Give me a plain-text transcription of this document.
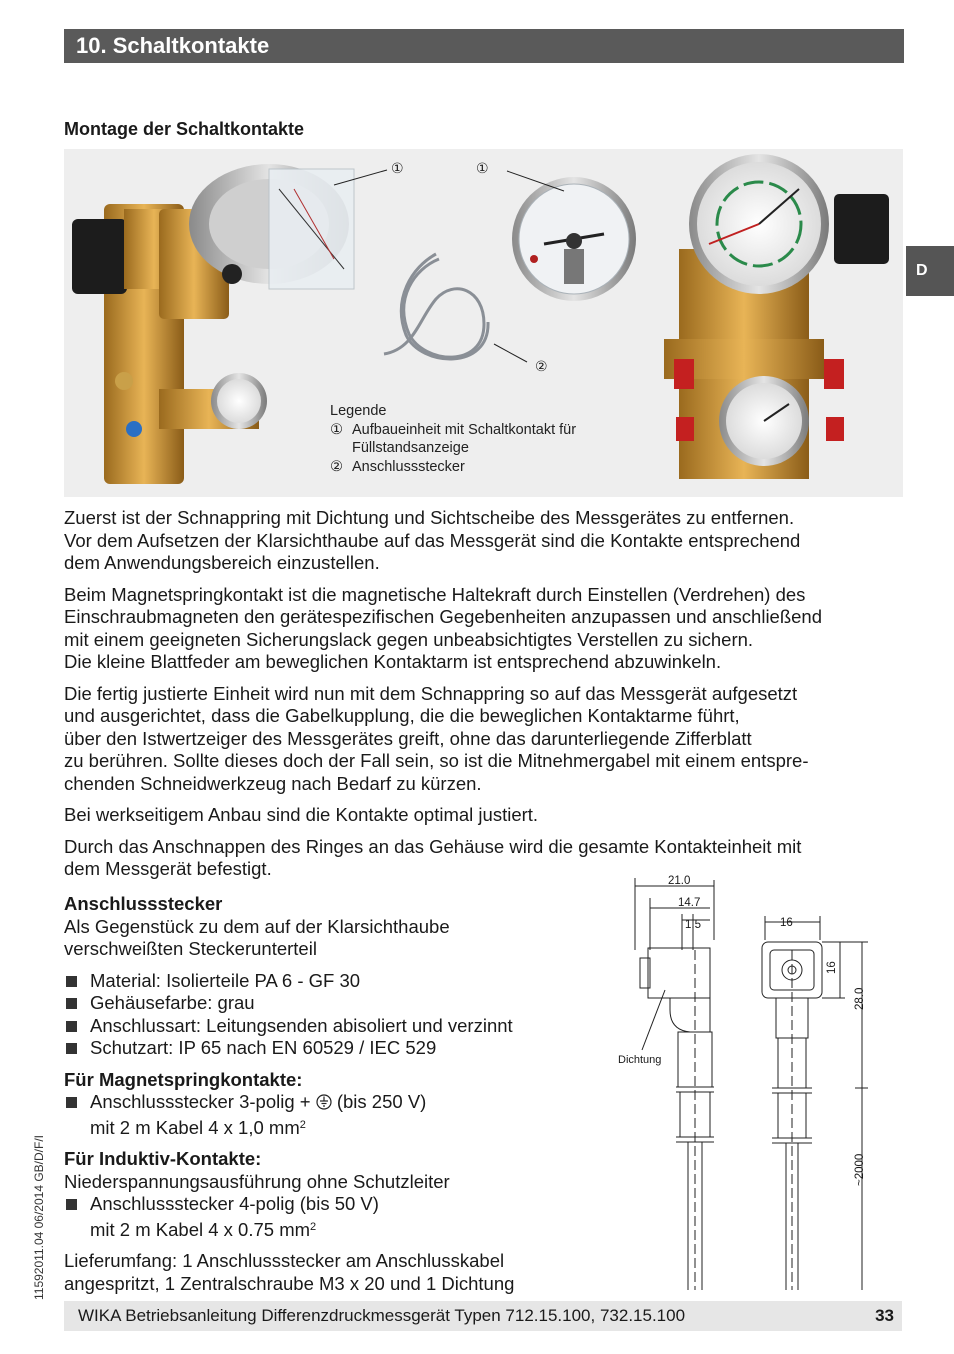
10. Schaltkontakte
D
Montage der Schaltkontakte
①	①
②
Legende
① Aufbaueinheit mit Schaltkontakt für
Füllstandsanzeige
② Anschlussstecker

Zuerst ist der Schnappring mit Dichtung und Sichtscheibe des Messgerätes zu entfernen.
Vor dem Aufsetzen der Klarsichthaube auf das Messgerät sind die Kontakte entsprechend
dem Anwendungsbereich einzustellen.

Beim Magnetspringkontakt ist die magnetische Haltekraft durch Einstellen (Verdrehen) des
Einschraubmagneten den gerätespezifischen Gegebenheiten anzupassen und anschließend
mit einem geeigneten Sicherungslack gegen unbeabsichtigtes Verstellen zu sichern.
Die kleine Blattfeder am beweglichen Kontaktarm ist entsprechend abzuwinkeln.

Die fertig justierte Einheit wird nun mit dem Schnappring so auf das Messgerät aufgesetzt
und ausgerichtet, dass die Gabelkupplung, die die beweglichen Kontaktarme führt,
über den Istwertzeiger des Messgerätes greift, ohne das darunterliegende Zifferblatt
zu berühren. Sollte dieses doch der Fall sein, so ist die Mitnehmergabel mit einem entspre-
chenden Schneidwerkzeug nach Bedarf zu kürzen.

Bei werkseitigem Anbau sind die Kontakte optimal justiert.

Durch das Anschnappen des Ringes an das Gehäuse wird die gesamte Kontakteinheit mit
dem Messgerät befestigt.

Anschlussstecker
Als Gegenstück zu dem auf der Klarsichthaube
verschweißten Steckerunterteil
Material: Isolierteile PA 6 - GF 30
Gehäusefarbe: grau
Anschlussart: Leitungsenden abisoliert und verzinnt
Schutzart: IP 65 nach EN 60529 / IEC 529
Für Magnetspringkontakte:
Anschlussstecker 3-polig +  (bis 250 V)
mit 2 m Kabel 4 x 1,0 $mm^2$
Für Induktiv-Kontakte:
Niederspannungsausführung ohne Schutzleiter
Anschlussstecker 4-polig (bis 50 V)
mit 2 m Kabel 4 x 0.75 $mm^2$
Lieferumfang: 1 Anschlussstecker am Anschlusskabel
angespritzt, 1 Zentralschraube M3 x 20 und 1 Dichtung
21.0
14.7
1.5	16
16
28.0
~2000
Dichtung
11592011.04 06/2014 GB/D/F/I
WIKA Betriebsanleitung Differenzdruckmessgerät Typen 712.15.100, 732.15.100	33
